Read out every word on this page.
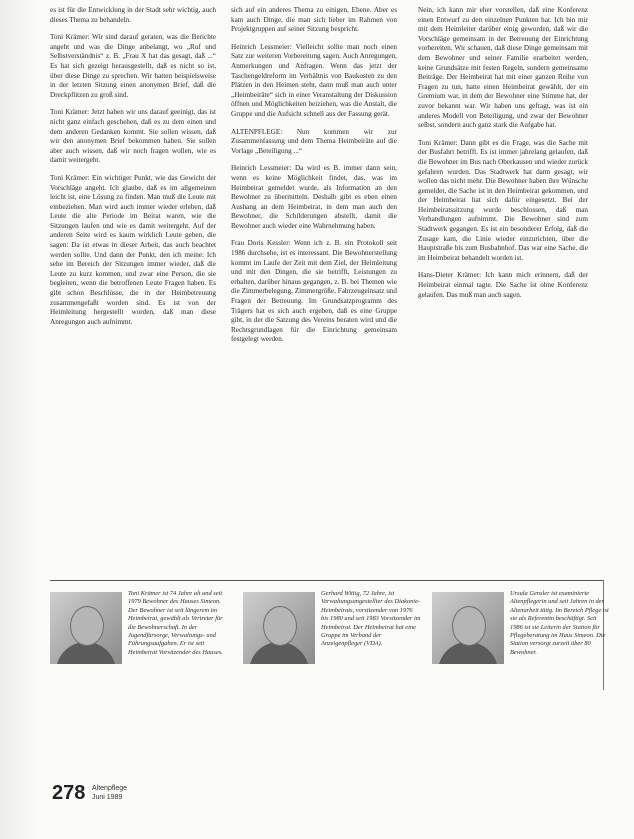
es ist für die Entwicklung in der Stadt sehr wichtig, auch dieses Thema zu behandeln.

Toni Krämer: Wir sind darauf geraten, was die Berichte angeht und was die Dinge anbelangt, wo „Ruf und Selbstverständnis“ z. B. „Frau X hat das gesagt, daß ...“ Es hat sich gezeigt herausgestellt, daß es nicht so ist, über diese Dinge zu sprechen. Wir hatten beispielsweise in der letzten Sitzung einen anonymen Brief, daß die Dreckpfützen zu groß sind.

Toni Krämer: Jetzt haben wir uns darauf geeinigt, das ist nicht ganz einfach geschehen, daß es zu dem einen und dem anderen Gedanken kommt. Sie sollen wissen, daß wir den anonymen Brief bekommen haben. Sie sollen aber auch wissen, daß wir noch fragen wollen, wie es damit weitergeht.

Toni Krämer: Ein wichtiger Punkt, wie das Gewicht der Vorschläge angeht. Ich glaube, daß es im allgemeinen leicht ist, eine Lösung zu finden. Man muß die Leute mit einbeziehen. Man wird auch immer wieder erleben, daß Leute die alte Periode im Beirat waren, wie die Sitzungen laufen und wie es damit weitergeht. Auf der anderen Seite wird es kaum wirklich Leute geben, die sagen: Da ist etwas in dieser Arbeit, das auch beachtet werden sollte. Und dann der Punkt, den ich meine: Ich sehe im Bereich der Sitzungen immer wieder, daß die Leute zu kurz kommen, und zwar eine Person, die sie begleiten, wenn die betroffenen Leute Fragen haben. Es gibt schon Beschlüsse, die in der Heimbetreuung zusammengefaßt worden sind. Es ist von der Heimleitung hergestellt worden, daß man diese Anregungen auch aufnimmt.

sich auf ein anderes Thema zu einigen, Ebene. Aber es kam auch Dinge, die man sich lieber im Rahmen von Projektgruppen auf seiner Sitzung bespricht.

Heinrich Lessmeier: Vielleicht sollte man noch einen Satz zur weiteren Vorbereitung sagen. Auch Anregungen, Anmerkungen und Anfragen. Wenn das jetzt der Taschengeldreform im Verhältnis von Baukosten zu den Plätzen in den Heimen steht, dann muß man auch unter „Heimbeiräte“ sich in einer Veranstaltung der Diskussion öffnen und Möglichkeiten beiziehen, was die Anstalt, die Gruppe und die Aufsicht schnell aus der Fassung gerät.

ALTENPFLEGE: Nun kommen wir zur Zusammenfassung und dem Thema Heimbeiräte auf die Vorlage „Beteiligung ...“

Heinrich Lessmeier: Da wird es B. immer dann sein, wenn es keine Möglichkeit findet, das, was im Heimbeirat gemeldet wurde, als Information an den Bewohner zu übermitteln. Deshalb gibt es eben einen Aushang an dem Heimbeirat, in dem man auch den Bewohner, die Schilderungen abstellt, damit die Bewohner auch wieder eine Wahrnehmung haben.

Frau Doris Kessler: Wenn ich z. B. ein Protokoll seit 1986 durchsehe, ist es interessant. Die Bewohnerstellung kommt im Laufe der Zeit mit dem Ziel, der Heimleitung und mit den Dingen, die sie betrifft, Leistungen zu erhalten, darüber hinaus gegangen, z. B. bei Themen wie die Zimmerbelegung, Zimmergröße, Fahrzeugeinsatz und Fragen der Betreuung. Im Grundsatzprogramm des Trägers hat es sich auch ergeben, daß es eine Gruppe gibt, in der die Satzung des Vereins beraten wird und die Rechtsgrundlagen für die Einrichtung gemeinsam festgelegt werden.

Nein, ich kann mir eher vorstellen, daß eine Konferenz einen Entwurf zu den einzelnen Punkten hat. Ich bin mir mit dem Heimleiter darüber einig geworden, daß wir die Vorschläge gemeinsam in der Betreuung der Einrichtung vorbereiten. Wir schauen, daß diese Dinge gemeinsam mit dem Bewohner und seiner Familie erarbeitet werden, keine Grundsätze mit festen Regeln, sondern gemeinsame Beiträge. Der Heimbeirat hat mit einer ganzen Reihe von Fragen zu tun, hatte einen Heimbeirat gewählt, der ein Gremium war, in dem der Bewohner eine Stimme hat, der zuvor bekannt war. Wir haben uns gefragt, was ist ein anderes Modell von Beteiligung, und zwar der Bewohner selbst, sondern auch ganz stark die Aufgabe hat.

Toni Krämer: Dann gibt es die Frage, was die Sache mit der Busfahrt betrifft. Es ist immer jahrelang gelaufen, daß die Bewohner im Bus nach Oberkausen und wieder zurück gefahren wurden. Das Stadtwerk hat dann gesagt, wir wollen das nicht mehr. Die Bewohner haben ihre Wünsche gemeldet, die Sache ist in den Heimbeirat gekommen, und der Heimbeirat hat sich dafür eingesetzt. Bei der Heimbeiratssitzung wurde beschlossen, daß man Verhandlungen aufnimmt. Die Bewohner sind zum Stadtwerk gegangen. Es ist ein besonderer Erfolg, daß die Zusage kam, die Linie wieder einzurichten, über die Hauptstraße bis zum Busbahnhof. Das war eine Sache, die im Heimbeirat behandelt worden ist.

Hans-Dieter Krämer: Ich kann mich erinnern, daß der Heimbeirat einmal tagte. Die Sache ist ohne Konferenz gelaufen. Das muß man auch sagen.

Toni Krämer ist 74 Jahre alt und seit 1979 Bewohner des Hauses Simeon. Der Bewohner ist seit längerem im Heimbeirat, gewählt als Vertreter für die Bewohnerschaft. In der Jugendfürsorge, Verwaltungs- und Führungsaufgaben. Er ist seit Heimbeirat Vorsitzender des Hauses.

Gerhard Wittig, 72 Jahre, ist Verwaltungsangestellter des Diakonie-Heimbeirats, vorsitzender von 1976 bis 1980 und seit 1983 Vorsitzender im Heimbeirat. Der Heimbeirat hat eine Gruppe im Verband der Anzeigenpfleger (VDA).

Ursula Gensler ist examinierte Altenpflegerin und seit Jahren in der Altenarbeit tätig. Im Bereich Pflege ist sie als Referentin beschäftigt. Seit 1986 ist sie Leiterin der Station für Pflegeberatung im Haus Simeon. Die Station versorgt zurzeit über 80 Bewohner.

278 Altenpflege
Juni 1989
